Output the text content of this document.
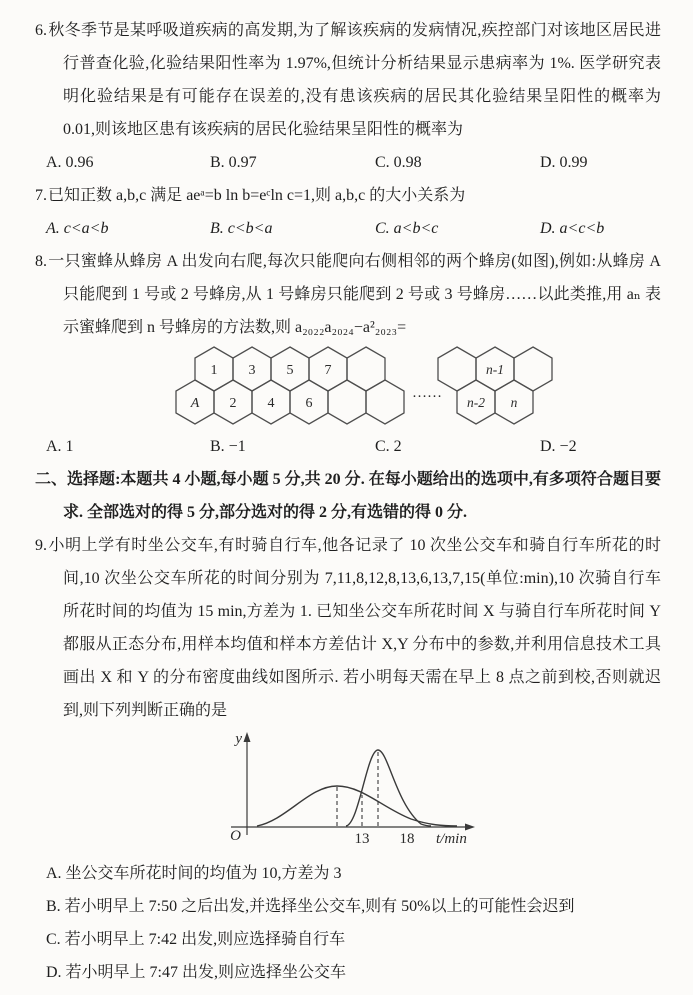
6.秋冬季节是某呼吸道疾病的高发期,为了解该疾病的发病情况,疾控部门对该地区居民进行普查化验,化验结果阳性率为 1.97%,但统计分析结果显示患病率为 1%. 医学研究表明化验结果是有可能存在误差的,没有患该疾病的居民其化验结果呈阳性的概率为 0.01,则该地区患有该疾病的居民化验结果呈阳性的概率为

A. 0.96	B. 0.97	C. 0.98	D. 0.99

7.已知正数 a,b,c 满足 aeᵃ=b ln b=eᶜln c=1,则 a,b,c 的大小关系为

A. c<a<b	B. c<b<a	C. a<b<c	D. a<c<b

8.一只蜜蜂从蜂房 A 出发向右爬,每次只能爬向右侧相邻的两个蜂房(如图),例如:从蜂房 A 只能爬到 1 号或 2 号蜂房,从 1 号蜂房只能爬到 2 号或 3 号蜂房……以此类推,用 aₙ 表示蜜蜂爬到 n 号蜂房的方法数,则 a₂₀₂₂a₂₀₂₄−a²₂₀₂₃=

……
1 3 5 7
A 2 4 6
n-1
n-2 n
A. 1	B. −1	C. 2	D. −2

二、选择题:本题共 4 小题,每小题 5 分,共 20 分. 在每小题给出的选项中,有多项符合题目要求. 全部选对的得 5 分,部分选对的得 2 分,有选错的得 0 分.

9.小明上学有时坐公交车,有时骑自行车,他各记录了 10 次坐公交车和骑自行车所花的时间,10 次坐公交车所花的时间分别为 7,11,8,12,8,13,6,13,7,15(单位:min),10 次骑自行车所花时间的均值为 15 min,方差为 1. 已知坐公交车所花时间 X 与骑自行车所花时间 Y 都服从正态分布,用样本均值和样本方差估计 X,Y 分布中的参数,并利用信息技术工具画出 X 和 Y 的分布密度曲线如图所示. 若小明每天需在早上 8 点之前到校,否则就迟到,则下列判断正确的是

y
O	13 18 t/min
A. 坐公交车所花时间的均值为 10,方差为 3
B. 若小明早上 7:50 之后出发,并选择坐公交车,则有 50%以上的可能性会迟到
C. 若小明早上 7:42 出发,则应选择骑自行车
D. 若小明早上 7:47 出发,则应选择坐公交车
